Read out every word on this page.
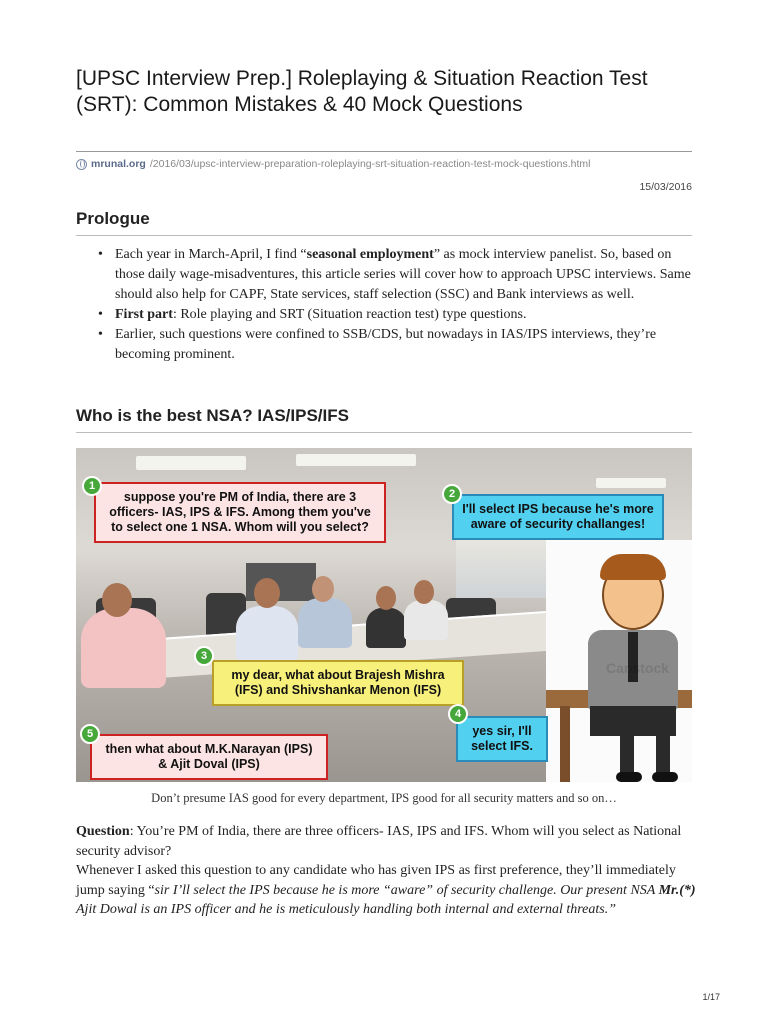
[UPSC Interview Prep.] Roleplaying & Situation Reaction Test (SRT): Common Mistakes & 40 Mock Questions
mrunal.org /2016/03/upsc-interview-preparation-roleplaying-srt-situation-reaction-test-mock-questions.html
15/03/2016
Prologue
• Each year in March-April, I find “seasonal employment” as mock interview panelist. So, based on those daily wage-misadventures, this article series will cover how to approach UPSC interviews. Same should also help for CAPF, State services, staff selection (SSC) and Bank interviews as well.
• First part: Role playing and SRT (Situation reaction test) type questions.
• Earlier, such questions were confined to SSB/CDS, but nowadays in IAS/IPS interviews, they’re becoming prominent.
Who is the best NSA? IAS/IPS/IFS
Canstock
suppose you're PM of India, there are 3 officers- IAS, IPS & IFS. Among them you've to select one 1 NSA. Whom will you select?
1
I'll select IPS because he's more aware of security challanges!
2
my dear, what about Brajesh Mishra (IFS) and Shivshankar Menon (IFS)
3
yes sir, I'll select IFS.
4
then what about M.K.Narayan (IPS) & Ajit Doval (IPS)
5
Don’t presume IAS good for every department, IPS good for all security matters and so on…
Question: You’re PM of India, there are three officers- IAS, IPS and IFS. Whom will you select as National security advisor?
Whenever I asked this question to any candidate who has given IPS as first preference, they’ll immediately jump saying “sir I’ll select the IPS because he is more “aware” of security challenge. Our present NSA Mr.(*) Ajit Dowal is an IPS officer and he is meticulously handling both internal and external threats.”
1/17
